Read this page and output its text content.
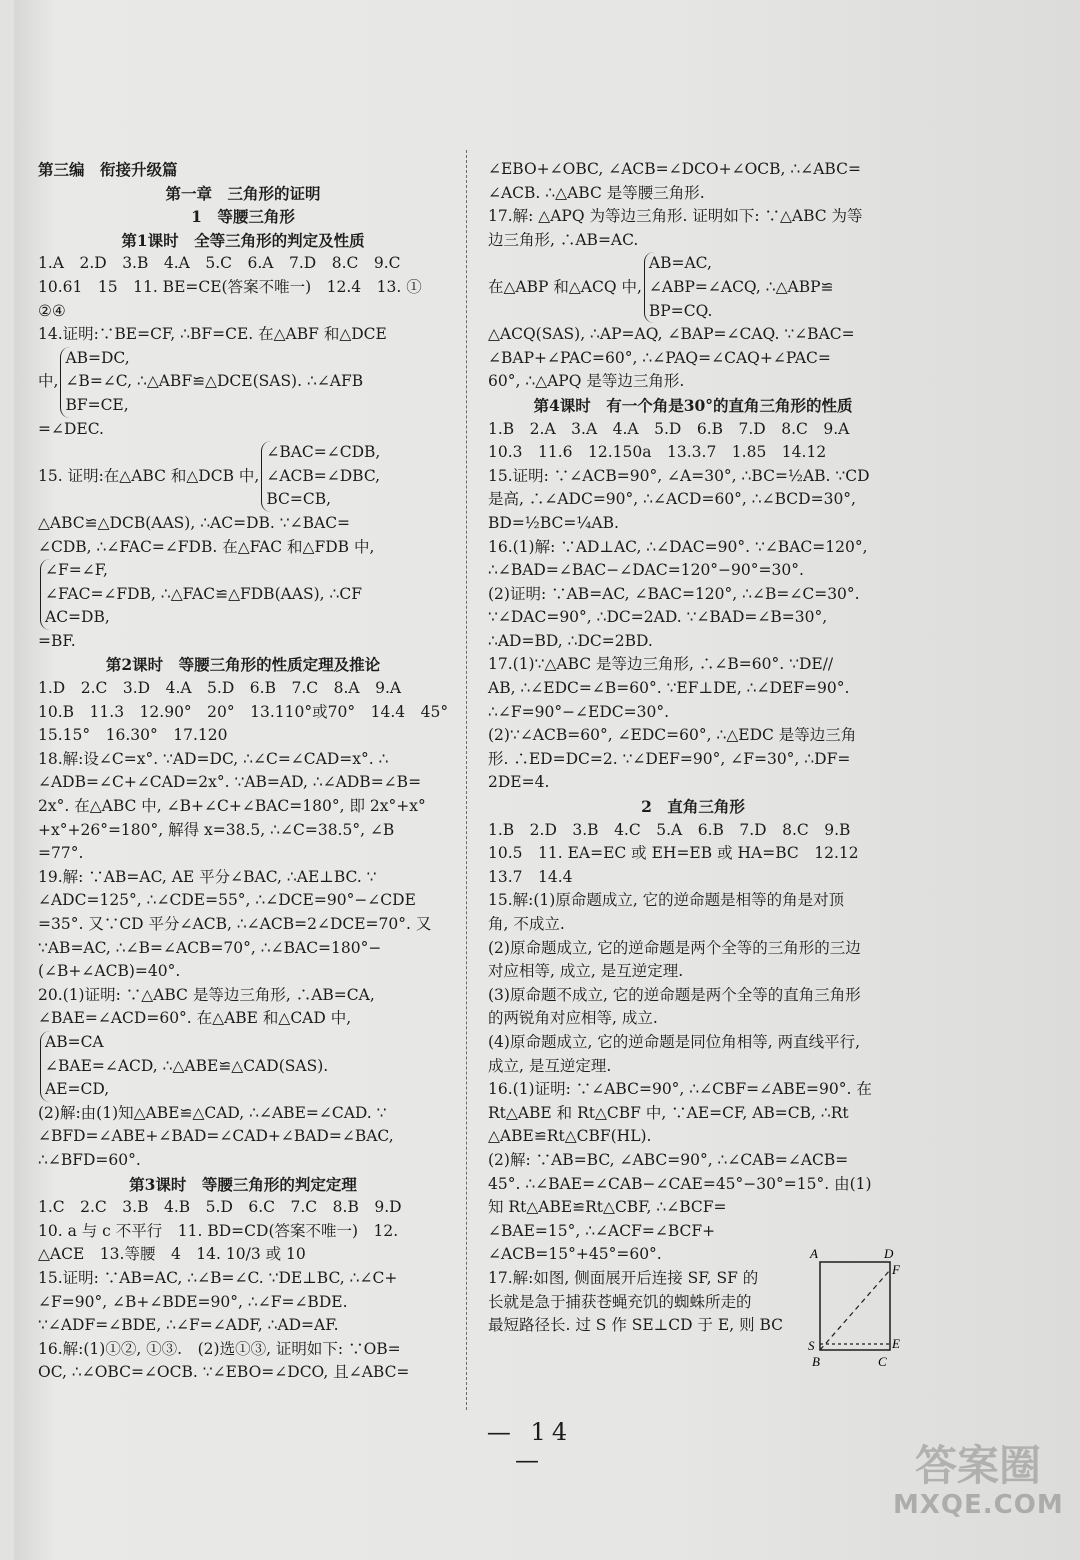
第三编　衔接升级篇
第一章　三角形的证明
1　等腰三角形
第1课时　全等三角形的判定及性质
1.A　2.D　3.B　4.A　5.C　6.A　7.D　8.C　9.C
10.61　15　11. BE=CE(答案不唯一)　12.4　13. ①
②④
14.证明:∵BE=CF, ∴BF=CE. 在△ABF 和△DCE
中,
AB=DC,
∠B=∠C, ∴△ABF≌△DCE(SAS). ∴∠AFB
BF=CE,
=∠DEC.
15. 证明:在△ABC 和△DCB 中,
∠BAC=∠CDB,
∠ACB=∠DBC,
BC=CB,
△ABC≌△DCB(AAS), ∴AC=DB. ∵∠BAC=
∠CDB, ∴∠FAC=∠FDB. 在△FAC 和△FDB 中,
∠F=∠F,
∠FAC=∠FDB, ∴△FAC≌△FDB(AAS), ∴CF
AC=DB,
=BF.
第2课时　等腰三角形的性质定理及推论
1.D　2.C　3.D　4.A　5.D　6.B　7.C　8.A　9.A
10.B　11.3　12.90°　20°　13.110°或70°　14.4　45°
15.15°　16.30°　17.120
18.解:设∠C=x°. ∵AD=DC, ∴∠C=∠CAD=x°. ∴
∠ADB=∠C+∠CAD=2x°. ∵AB=AD, ∴∠ADB=∠B=
2x°. 在△ABC 中, ∠B+∠C+∠BAC=180°, 即 2x°+x°
+x°+26°=180°, 解得 x=38.5, ∴∠C=38.5°, ∠B
=77°.
19.解: ∵AB=AC, AE 平分∠BAC, ∴AE⊥BC. ∵
∠ADC=125°, ∴∠CDE=55°, ∴∠DCE=90°−∠CDE
=35°. 又∵CD 平分∠ACB, ∴∠ACB=2∠DCE=70°. 又
∵AB=AC, ∴∠B=∠ACB=70°, ∴∠BAC=180°−
(∠B+∠ACB)=40°.
20.(1)证明: ∵△ABC 是等边三角形, ∴AB=CA,
∠BAE=∠ACD=60°. 在△ABE 和△CAD 中,
AB=CA
∠BAE=∠ACD, ∴△ABE≌△CAD(SAS).
AE=CD,
(2)解:由(1)知△ABE≌△CAD, ∴∠ABE=∠CAD. ∵
∠BFD=∠ABE+∠BAD=∠CAD+∠BAD=∠BAC,
∴∠BFD=60°.
第3课时　等腰三角形的判定定理
1.C　2.C　3.B　4.B　5.D　6.C　7.C　8.B　9.D
10. a 与 c 不平行　11. BD=CD(答案不唯一)　12.
△ACE　13.等腰　4　14. 10/3 或 10
15.证明: ∵AB=AC, ∴∠B=∠C. ∵DE⊥BC, ∴∠C+
∠F=90°, ∠B+∠BDE=90°, ∴∠F=∠BDE.
∵∠ADF=∠BDE, ∴∠F=∠ADF, ∴AD=AF.
16.解:(1)①②, ①③.　(2)选①③, 证明如下: ∵OB=
OC, ∴∠OBC=∠OCB. ∵∠EBO=∠DCO, 且∠ABC=
∠EBO+∠OBC, ∠ACB=∠DCO+∠OCB, ∴∠ABC=
∠ACB. ∴△ABC 是等腰三角形.
17.解: △APQ 为等边三角形. 证明如下: ∵△ABC 为等
边三角形, ∴AB=AC.
在△ABP 和△ACQ 中,
AB=AC,
∠ABP=∠ACQ, ∴△ABP≌
BP=CQ.
△ACQ(SAS), ∴AP=AQ, ∠BAP=∠CAQ. ∵∠BAC=
∠BAP+∠PAC=60°, ∴∠PAQ=∠CAQ+∠PAC=
60°, ∴△APQ 是等边三角形.
第4课时　有一个角是30°的直角三角形的性质
1.B　2.A　3.A　4.A　5.D　6.B　7.D　8.C　9.A
10.3　11.6　12.150a　13.3.7　1.85　14.12
15.证明: ∵∠ACB=90°, ∠A=30°, ∴BC=½AB. ∵CD
是高, ∴∠ADC=90°, ∴∠ACD=60°, ∴∠BCD=30°,
BD=½BC=¼AB.
16.(1)解: ∵AD⊥AC, ∴∠DAC=90°. ∵∠BAC=120°,
∴∠BAD=∠BAC−∠DAC=120°−90°=30°.
(2)证明: ∵AB=AC, ∠BAC=120°, ∴∠B=∠C=30°.
∵∠DAC=90°, ∴DC=2AD. ∵∠BAD=∠B=30°,
∴AD=BD, ∴DC=2BD.
17.(1)∵△ABC 是等边三角形, ∴∠B=60°. ∵DE//
AB, ∴∠EDC=∠B=60°. ∵EF⊥DE, ∴∠DEF=90°.
∴∠F=90°−∠EDC=30°.
(2)∵∠ACB=60°, ∠EDC=60°, ∴△EDC 是等边三角
形. ∴ED=DC=2. ∵∠DEF=90°, ∠F=30°, ∴DF=
2DE=4.
2　直角三角形
1.B　2.D　3.B　4.C　5.A　6.B　7.D　8.C　9.B
10.5　11. EA=EC 或 EH=EB 或 HA=BC　12.12
13.7　14.4
15.解:(1)原命题成立, 它的逆命题是相等的角是对顶
角, 不成立.
(2)原命题成立, 它的逆命题是两个全等的三角形的三边
对应相等, 成立, 是互逆定理.
(3)原命题不成立, 它的逆命题是两个全等的直角三角形
的两锐角对应相等, 成立.
(4)原命题成立, 它的逆命题是同位角相等, 两直线平行,
成立, 是互逆定理.
16.(1)证明: ∵∠ABC=90°, ∴∠CBF=∠ABE=90°. 在
Rt△ABE 和 Rt△CBF 中, ∵AE=CF, AB=CB, ∴Rt
△ABE≌Rt△CBF(HL).
(2)解: ∵AB=BC, ∠ABC=90°, ∴∠CAB=∠ACB=
45°. ∴∠BAE=∠CAB−∠CAE=45°−30°=15°. 由(1)
知 Rt△ABE≌Rt△CBF, ∴∠BCF=
∠BAE=15°, ∴∠ACF=∠BCF+
∠ACB=15°+45°=60°.
17.解:如图, 侧面展开后连接 SF, SF 的
长就是急于捕获苍蝇充饥的蜘蛛所走的
最短路径长. 过 S 作 SE⊥CD 于 E, 则 BC
A	D
F
S	E
B	C
— 14 —	答案圈
MXQE.COM
